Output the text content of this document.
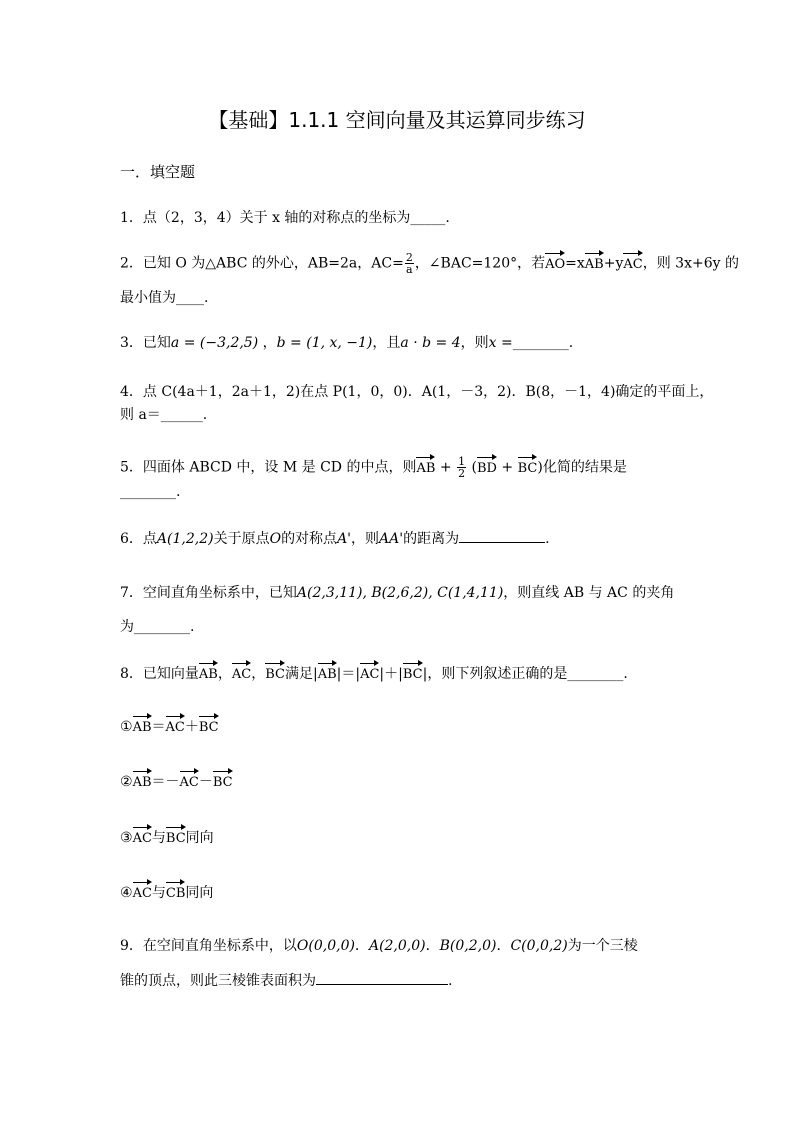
【基础】1.1.1 空间向量及其运算同步练习
一．填空题
1．点（2，3，4）关于 x 轴的对称点的坐标为_____.
2．已知 O 为△ABC 的外心，AB=2a，$AC= \frac{2}{a}$ ，∠BAC=120°，若AO=xAB+yAC，则 3x+6y 的
最小值为____.
3．已知a = (−3,2,5) ，b = (1, x, −1)，且a · b = 4，则x =________.
4．点 C(4a＋1，2a＋1，2)在点 P(1，0，0)．A(1，－3，2)．B(8，－1，4)确定的平面上，
则 a＝______.
5．四面体 ABCD 中，设 M 是 CD 的中点，则AB + $\frac{1}{2} (BD + BC)$化简的结果是
________.
6．点A(1,2,2)关于原点O的对称点A'，则AA'的距离为	.
7．空间直角坐标系中，已知A(2,3,11), B(2,6,2), C(1,4,11)，则直线 AB 与 AC 的夹角
为________.
8．已知向量AB，AC，BC满足|AB|＝|AC|＋|BC|，则下列叙述正确的是________.
①AB＝AC＋BC
②AB＝－AC－BC
③AC与BC同向
④AC与CB同向
9．在空间直角坐标系中，以O(0,0,0)．A(2,0,0)．B(0,2,0)．C(0,0,2)为一个三棱
锥的顶点，则此三棱锥表面积为	.
